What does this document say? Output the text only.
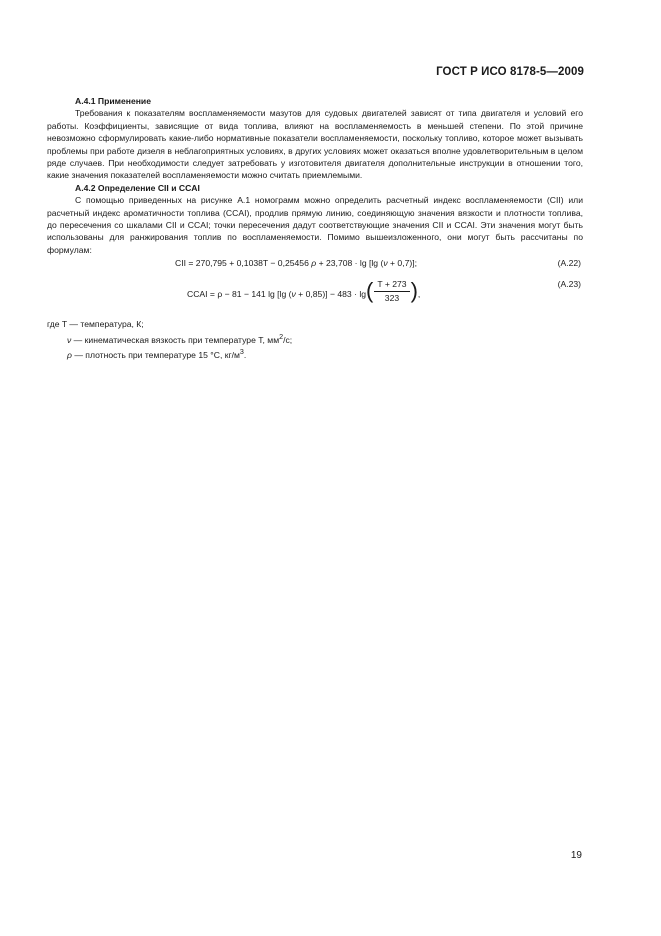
ГОСТ Р ИСО 8178-5—2009

А.4.1 Применение

Требования к показателям воспламеняемости мазутов для судовых двигателей зависят от типа двигателя и условий его работы. Коэффициенты, зависящие от вида топлива, влияют на воспламеняемость в меньшей степени. По этой причине невозможно сформулировать какие-либо нормативные показатели воспламеняемости, поскольку топливо, которое может вызывать проблемы при работе дизеля в неблагоприятных условиях, в других условиях может оказаться вполне удовлетворительным в целом ряде случаев. При необходимости следует затребовать у изготовителя двигателя дополнительные инструкции в отношении того, какие значения показателей воспламеняемости можно считать приемлемыми.

А.4.2 Определение CII и CCAI

С помощью приведенных на рисунке А.1 номограмм можно определить расчетный индекс воспламеняемости (CII) или расчетный индекс ароматичности топлива (CCAI), продлив прямую линию, соединяющую значения вязкости и плотности топлива, до пересечения со шкалами CII и CCAI; точки пересечения дадут соответствующие значения CII и CCAI. Эти значения могут быть использованы для ранжирования топлив по воспламеняемости. Помимо вышеизложенного, они могут быть рассчитаны по формулам:

CII = 270,795 + 0,1038T − 0,25456 ρ + 23,708 · lg [lg (ν + 0,7)];	(А.22)
CCAI = ρ − 81 − 141 lg [lg $(\nu + 0,85)] - 483 \cdot \lg( \frac{T + 273}{323}$ ),
(А.23)

где T — температура, К;

ν — кинематическая вязкость при температуре T, $мм^2/с$;

ρ — плотность при температуре 15 °С, $кг/м^3$.

19
